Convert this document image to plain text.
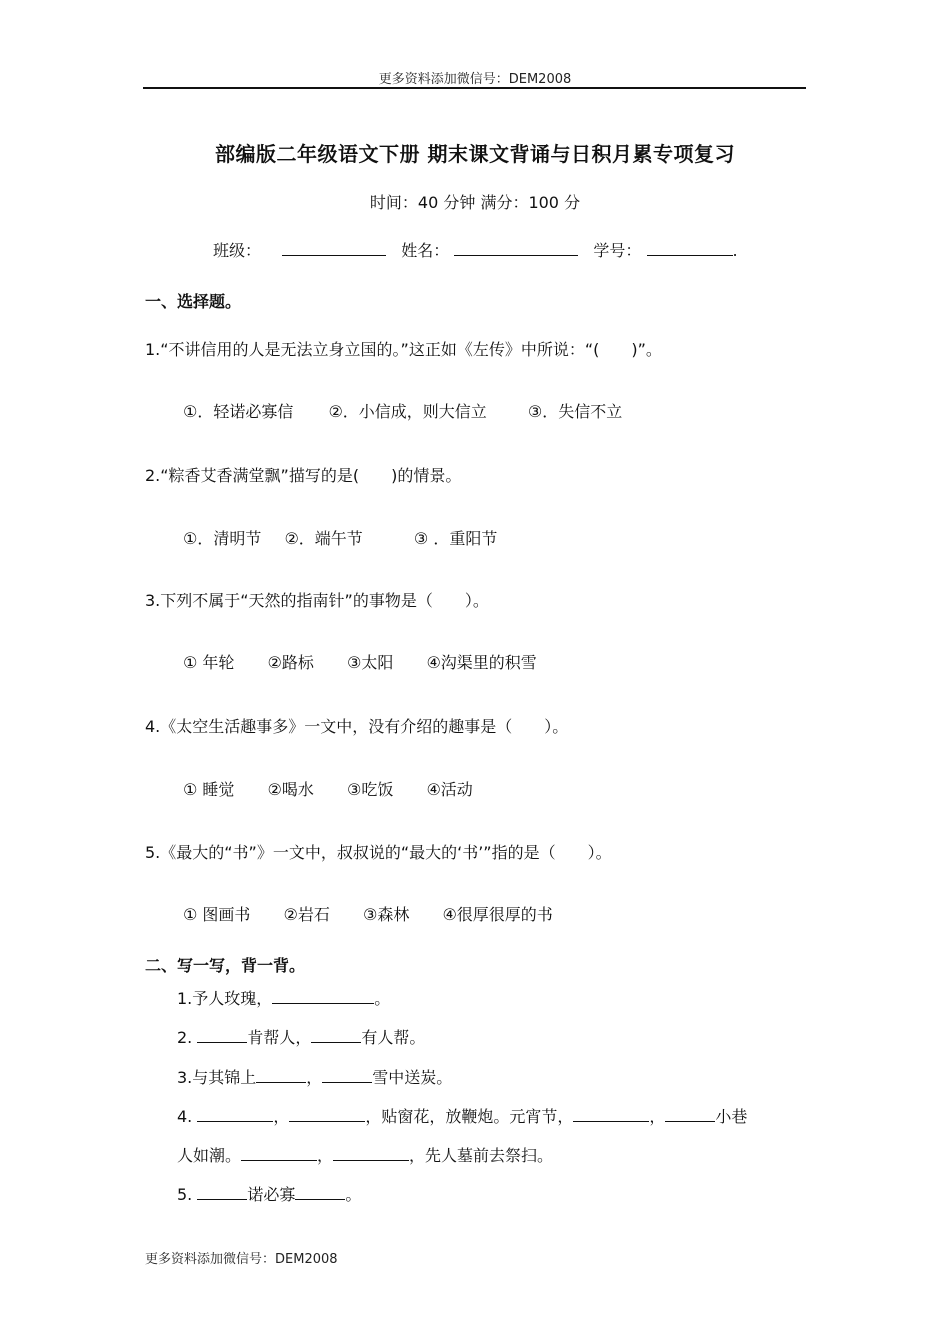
更多资料添加微信号：DEM2008
部编版二年级语文下册 期末课文背诵与日积月累专项复习
时间：40 分钟 满分：100 分
班级：	姓名：	学号：	.
一、选择题。
1.“不讲信用的人是无法立身立国的。”这正如《左传》中所说：“(　　)”。
①．轻诺必寡信 ②．小信成，则大信立	③．失信不立
2.“粽香艾香满堂飘”描写的是(　　)的情景。
①．清明节 ②．端午节	③ ．重阳节
3.下列不属于“天然的指南针”的事物是（　　）。
① 年轮 ②路标 ③太阳 ④沟渠里的积雪
4.《太空生活趣事多》一文中，没有介绍的趣事是（　　）。
① 睡觉 ②喝水 ③吃饭 ④活动
5.《最大的“书”》一文中，叔叔说的“最大的‘书’”指的是（　　）。
① 图画书 ②岩石 ③森林 ④很厚很厚的书
二、写一写，背一背。
1.予人玫瑰，	。
2.	肯帮人，	有人帮。
3.与其锦上	，	雪中送炭。
4.	，	，贴窗花，放鞭炮。元宵节，	，	小巷
人如潮。	，	，先人墓前去祭扫。
5.	诺必寡	。
更多资料添加微信号：DEM2008
